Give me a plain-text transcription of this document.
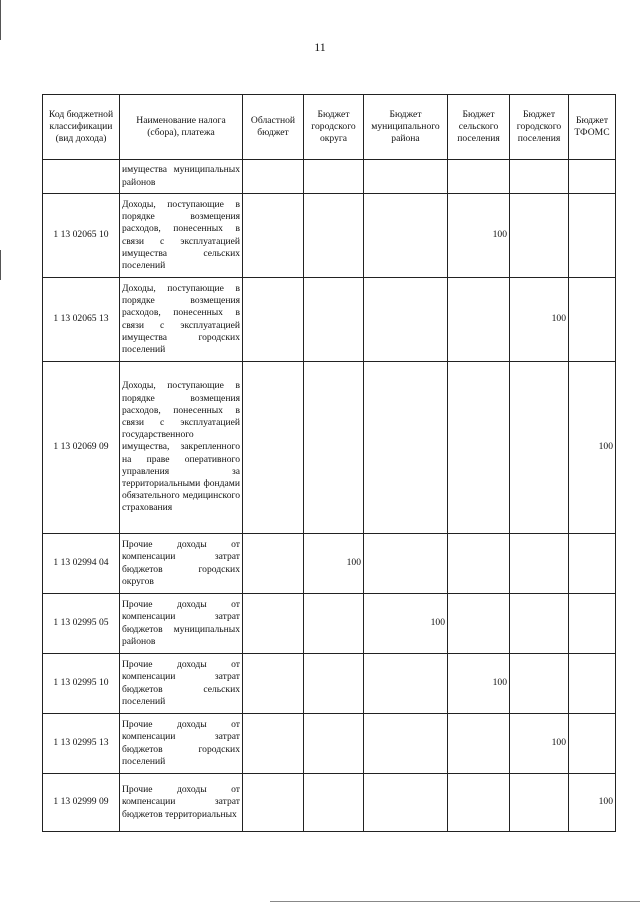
11
Код бюджетной классификации (вид дохода)	Наименование налога (сбора), платежа	Областной бюджет	Бюджет городского округа	Бюджет муниципального района	Бюджет сельского поселения	Бюджет городского поселения	Бюджет ТФОМС
	имущества муниципальных районов						
1 13 02065 10	Доходы, поступающие в порядке возмещения расходов, понесенных в связи с эксплуатацией имущества сельских поселений				100		
1 13 02065 13	Доходы, поступающие в порядке возмещения расходов, понесенных в связи с эксплуатацией имущества городских поселений					100	
1 13 02069 09	Доходы, поступающие в порядке возмещения расходов, понесенных в связи с эксплуатацией государственного имущества, закрепленного на праве оперативного управления за территориальными фондами обязательного медицинского страхования						100
1 13 02994 04	Прочие доходы от компенсации затрат бюджетов городских округов		100				
1 13 02995 05	Прочие доходы от компенсации затрат бюджетов муниципальных районов			100			
1 13 02995 10	Прочие доходы от компенсации затрат бюджетов сельских поселений				100		
1 13 02995 13	Прочие доходы от компенсации затрат бюджетов городских поселений					100	
1 13 02999 09	Прочие доходы от компенсации затрат бюджетов территориальных						100
